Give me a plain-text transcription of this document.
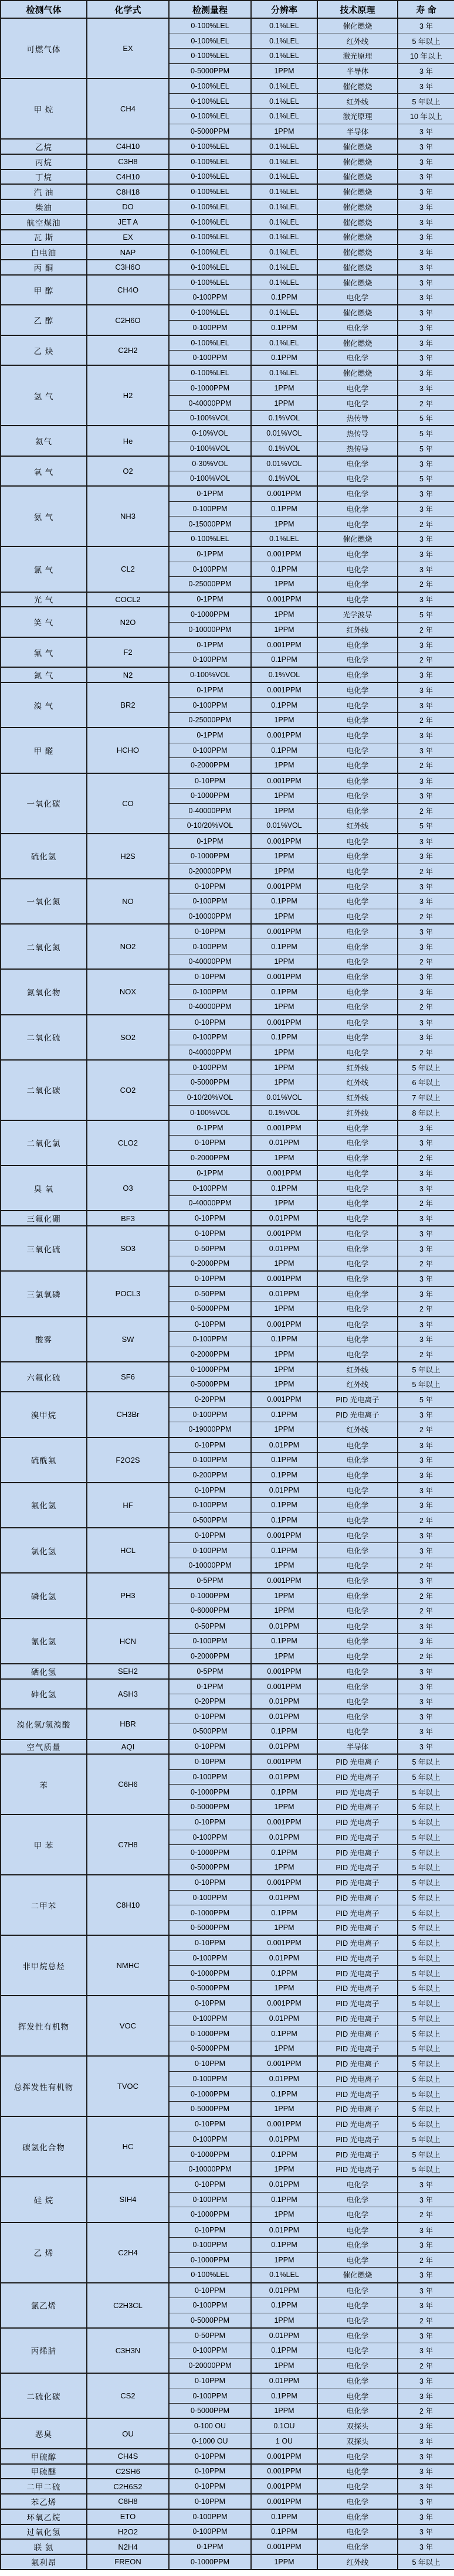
检测气体	化学式	检测量程	分辨率	技术原理	寿 命
可燃气体	EX	0-100%LEL	0.1%LEL	催化燃烧	3 年
		0-100%LEL	0.1%LEL	红外线	5 年以上
		0-100%LEL	0.1%LEL	激光原理	10 年以上
		0-5000PPM	1PPM	半导体	3 年
甲 烷	CH4	0-100%LEL	0.1%LEL	催化燃烧	3 年
		0-100%LEL	0.1%LEL	红外线	5 年以上
		0-100%LEL	0.1%LEL	激光原理	10 年以上
		0-5000PPM	1PPM	半导体	3 年
乙烷	C4H10	0-100%LEL	0.1%LEL	催化燃烧	3 年
丙烷	C3H8	0-100%LEL	0.1%LEL	催化燃烧	3 年
丁烷	C4H10	0-100%LEL	0.1%LEL	催化燃烧	3 年
汽 油	C8H18	0-100%LEL	0.1%LEL	催化燃烧	3 年
柴油	DO	0-100%LEL	0.1%LEL	催化燃烧	3 年
航空煤油	JET A	0-100%LEL	0.1%LEL	催化燃烧	3 年
瓦 斯	EX	0-100%LEL	0.1%LEL	催化燃烧	3 年
白电油	NAP	0-100%LEL	0.1%LEL	催化燃烧	3 年
丙 酮	C3H6O	0-100%LEL	0.1%LEL	催化燃烧	3 年
甲 醇	CH4O	0-100%LEL	0.1%LEL	催化燃烧	3 年
		0-100PPM	0.1PPM	电化学	3 年
乙 醇	C2H6O	0-100%LEL	0.1%LEL	催化燃烧	3 年
		0-100PPM	0.1PPM	电化学	3 年
乙 炔	C2H2	0-100%LEL	0.1%LEL	催化燃烧	3 年
		0-100PPM	0.1PPM	电化学	3 年
氢 气	H2	0-100%LEL	0.1%LEL	催化燃烧	3 年
		0-1000PPM	1PPM	电化学	3 年
		0-40000PPM	1PPM	电化学	2 年
		0-100%VOL	0.1%VOL	热传导	5 年
氦气	He	0-10%VOL	0.01%VOL	热传导	5 年
		0-100%VOL	0.1%VOL	热传导	5 年
氧 气	O2	0-30%VOL	0.01%VOL	电化学	3 年
		0-100%VOL	0.1%VOL	电化学	5 年
氨 气	NH3	0-1PPM	0.001PPM	电化学	3 年
		0-100PPM	0.1PPM	电化学	3 年
		0-15000PPM	1PPM	电化学	2 年
		0-100%LEL	0.1%LEL	催化燃烧	3 年
氯 气	CL2	0-1PPM	0.001PPM	电化学	3 年
		0-100PPM	0.1PPM	电化学	3 年
		0-25000PPM	1PPM	电化学	2 年
光 气	COCL2	0-1PPM	0.001PPM	电化学	3 年
笑 气	N2O	0-1000PPM	1PPM	光学波导	5 年
		0-10000PPM	1PPM	红外线	2 年
氟 气	F2	0-1PPM	0.001PPM	电化学	3 年
		0-100PPM	0.1PPM	电化学	2 年
氮 气	N2	0-100%VOL	0.1%VOL	电化学	3 年
溴 气	BR2	0-1PPM	0.001PPM	电化学	3 年
		0-100PPM	0.1PPM	电化学	3 年
		0-25000PPM	1PPM	电化学	2 年
甲 醛	HCHO	0-1PPM	0.001PPM	电化学	3 年
		0-100PPM	0.1PPM	电化学	3 年
		0-2000PPM	1PPM	电化学	2 年
一氧化碳	CO	0-10PPM	0.001PPM	电化学	3 年
		0-1000PPM	1PPM	电化学	3 年
		0-40000PPM	1PPM	电化学	2 年
		0-10/20%VOL	0.01%VOL	红外线	5 年
硫化氢	H2S	0-1PPM	0.001PPM	电化学	3 年
		0-1000PPM	1PPM	电化学	3 年
		0-20000PPM	1PPM	电化学	2 年
一氧化氮	NO	0-10PPM	0.001PPM	电化学	3 年
		0-100PPM	0.1PPM	电化学	3 年
		0-10000PPM	1PPM	电化学	2 年
二氧化氮	NO2	0-10PPM	0.001PPM	电化学	3 年
		0-100PPM	0.1PPM	电化学	3 年
		0-40000PPM	1PPM	电化学	2 年
氮氧化物	NOX	0-10PPM	0.001PPM	电化学	3 年
		0-100PPM	0.1PPM	电化学	3 年
		0-40000PPM	1PPM	电化学	2 年
二氧化硫	SO2	0-10PPM	0.001PPM	电化学	3 年
		0-100PPM	0.1PPM	电化学	3 年
		0-40000PPM	1PPM	电化学	2 年
二氧化碳	CO2	0-100PPM	1PPM	红外线	5 年以上
		0-5000PPM	1PPM	红外线	6 年以上
		0-10/20%VOL	0.01%VOL	红外线	7 年以上
		0-100%VOL	0.1%VOL	红外线	8 年以上
二氧化氯	CLO2	0-1PPM	0.001PPM	电化学	3 年
		0-10PPM	0.01PPM	电化学	3 年
		0-2000PPM	1PPM	电化学	2 年
臭 氧	O3	0-1PPM	0.001PPM	电化学	3 年
		0-100PPM	0.1PPM	电化学	3 年
		0-40000PPM	1PPM	电化学	2 年
三氟化硼	BF3	0-10PPM	0.01PPM	电化学	3 年
三氧化硫	SO3	0-10PPM	0.001PPM	电化学	3 年
		0-50PPM	0.01PPM	电化学	3 年
		0-2000PPM	1PPM	电化学	2 年
三氯氧磷	POCL3	0-10PPM	0.001PPM	电化学	3 年
		0-50PPM	0.01PPM	电化学	3 年
		0-5000PPM	1PPM	电化学	2 年
酸雾	SW	0-10PPM	0.001PPM	电化学	3 年
		0-100PPM	0.1PPM	电化学	3 年
		0-2000PPM	1PPM	电化学	2 年
六氟化硫	SF6	0-1000PPM	1PPM	红外线	5 年以上
		0-5000PPM	1PPM	红外线	5 年以上
溴甲烷	CH3Br	0-20PPM	0.001PPM	PID 光电离子	5 年
		0-100PPM	0.1PPM	PID 光电离子	3 年
		0-19000PPM	1PPM	红外线	2 年
硫酰氟	F2O2S	0-10PPM	0.01PPM	电化学	3 年
		0-100PPM	0.1PPM	电化学	3 年
		0-200PPM	0.1PPM	电化学	3 年
氟化氢	HF	0-10PPM	0.01PPM	电化学	3 年
		0-100PPM	0.1PPM	电化学	3 年
		0-500PPM	0.1PPM	电化学	2 年
氯化氢	HCL	0-10PPM	0.001PPM	电化学	3 年
		0-100PPM	0.1PPM	电化学	3 年
		0-10000PPM	1PPM	电化学	2 年
磷化氢	PH3	0-5PPM	0.001PPM	电化学	3 年
		0-1000PPM	1PPM	电化学	2 年
		0-6000PPM	1PPM	电化学	2 年
氰化氢	HCN	0-50PPM	0.01PPM	电化学	3 年
		0-100PPM	0.1PPM	电化学	3 年
		0-2000PPM	1PPM	电化学	2 年
硒化氢	SEH2	0-5PPM	0.001PPM	电化学	3 年
砷化氢	ASH3	0-1PPM	0.001PPM	电化学	3 年
		0-20PPM	0.01PPM	电化学	3 年
溴化氢/氢溴酸	HBR	0-10PPM	0.01PPM	电化学	3 年
		0-500PPM	0.1PPM	电化学	3 年
空气质量	AQI	0-10PPM	0.01PPM	半导体	3 年
苯	C6H6	0-10PPM	0.001PPM	PID 光电离子	5 年以上
		0-100PPM	0.01PPM	PID 光电离子	5 年以上
		0-1000PPM	0.1PPM	PID 光电离子	5 年以上
		0-5000PPM	1PPM	PID 光电离子	5 年以上
甲 苯	C7H8	0-10PPM	0.001PPM	PID 光电离子	5 年以上
		0-100PPM	0.01PPM	PID 光电离子	5 年以上
		0-1000PPM	0.1PPM	PID 光电离子	5 年以上
		0-5000PPM	1PPM	PID 光电离子	5 年以上
二甲苯	C8H10	0-10PPM	0.001PPM	PID 光电离子	5 年以上
		0-100PPM	0.01PPM	PID 光电离子	5 年以上
		0-1000PPM	0.1PPM	PID 光电离子	5 年以上
		0-5000PPM	1PPM	PID 光电离子	5 年以上
非甲烷总烃	NMHC	0-10PPM	0.001PPM	PID 光电离子	5 年以上
		0-100PPM	0.01PPM	PID 光电离子	5 年以上
		0-1000PPM	0.1PPM	PID 光电离子	5 年以上
		0-5000PPM	1PPM	PID 光电离子	5 年以上
挥发性有机物	VOC	0-10PPM	0.001PPM	PID 光电离子	5 年以上
		0-100PPM	0.01PPM	PID 光电离子	5 年以上
		0-1000PPM	0.1PPM	PID 光电离子	5 年以上
		0-5000PPM	1PPM	PID 光电离子	5 年以上
总挥发性有机物	TVOC	0-10PPM	0.001PPM	PID 光电离子	5 年以上
		0-100PPM	0.01PPM	PID 光电离子	5 年以上
		0-1000PPM	0.1PPM	PID 光电离子	5 年以上
		0-5000PPM	1PPM	PID 光电离子	5 年以上
碳氢化合物	HC	0-10PPM	0.001PPM	PID 光电离子	5 年以上
		0-100PPM	0.01PPM	PID 光电离子	5 年以上
		0-1000PPM	0.1PPM	PID 光电离子	5 年以上
		0-10000PPM	1PPM	PID 光电离子	5 年以上
硅 烷	SIH4	0-10PPM	0.01PPM	电化学	3 年
		0-100PPM	0.1PPM	电化学	3 年
		0-1000PPM	1PPM	电化学	2 年
乙 烯	C2H4	0-10PPM	0.01PPM	电化学	3 年
		0-100PPM	0.1PPM	电化学	3 年
		0-1000PPM	1PPM	电化学	2 年
		0-100%LEL	0.1%LEL	催化燃烧	3 年
氯乙烯	C2H3CL	0-10PPM	0.01PPM	电化学	3 年
		0-100PPM	0.1PPM	电化学	3 年
		0-5000PPM	1PPM	电化学	2 年
丙烯腈	C3H3N	0-50PPM	0.01PPM	电化学	3 年
		0-100PPM	0.1PPM	电化学	3 年
		0-20000PPM	1PPM	电化学	2 年
二硫化碳	CS2	0-10PPM	0.01PPM	电化学	3 年
		0-100PPM	0.1PPM	电化学	3 年
		0-5000PPM	1PPM	电化学	2 年
恶臭	OU	0-100 OU	0.1OU	双探头	3 年
		0-1000 OU	1 OU	双探头	3 年
甲硫醇	CH4S	0-10PPM	0.001PPM	电化学	3 年
甲硫醚	C2SH6	0-10PPM	0.001PPM	电化学	3 年
二甲二硫	C2H6S2	0-10PPM	0.001PPM	电化学	3 年
苯乙烯	C8H8	0-10PPM	0.001PPM	电化学	3 年
环氧乙烷	ETO	0-100PPM	0.1PPM	电化学	3 年
过氧化氢	H2O2	0-100PPM	0.1PPM	电化学	3 年
联 氨	N2H4	0-1PPM	0.001PPM	电化学	3 年
氟利昂	FREON	0-1000PPM	1PPM	红外线	5 年以上
